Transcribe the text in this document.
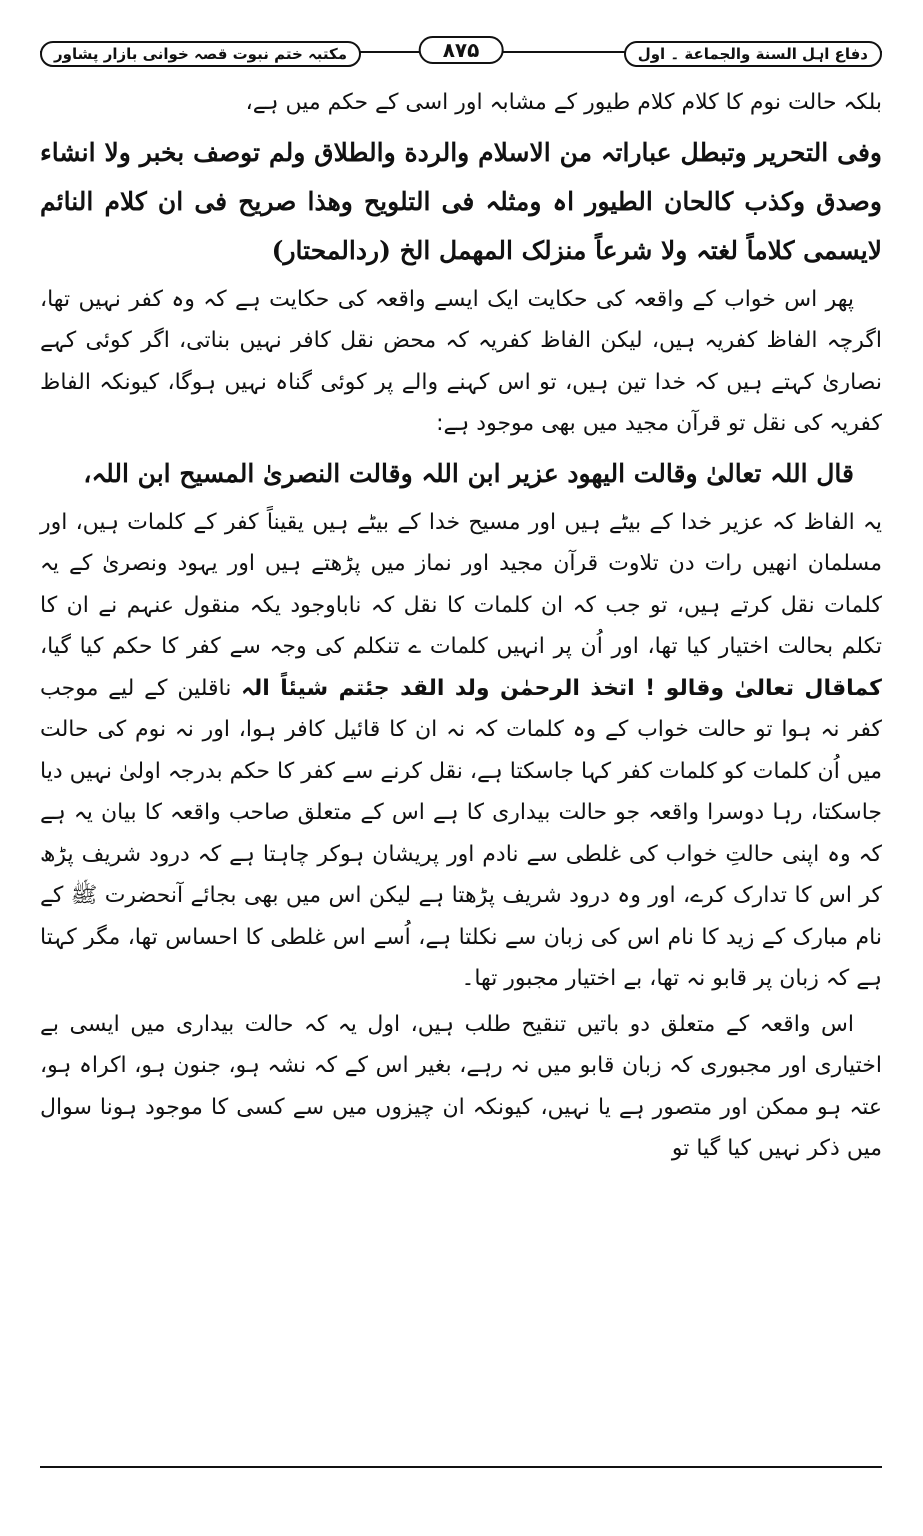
دفاع اہل السنة والجماعة ۔ اول
۸۷۵
مکتبہ ختم نبوت قصہ خوانی بازار پشاور

بلکہ حالت نوم کا کلام کلام طیور کے مشابہ اور اسی کے حکم میں ہے،

وفی التحریر وتبطل عباراتہ من الاسلام والردة والطلاق ولم توصف بخبر ولا انشاء وصدق وکذب کالحان الطیور اہ ومثلہ فی التلویح وھذا صریح فی ان کلام النائم لایسمی کلاماً لغتہ ولا شرعاً منزلک المھمل الخ (ردالمحتار)

پھر اس خواب کے واقعہ کی حکایت ایک ایسے واقعہ کی حکایت ہے کہ وہ کفر نہیں تھا، اگرچہ الفاظ کفریہ ہیں، لیکن الفاظ کفریہ کہ محض نقل کافر نہیں بناتی، اگر کوئی کہے نصاریٰ کہتے ہیں کہ خدا تین ہیں، تو اس کہنے والے پر کوئی گناہ نہیں ہوگا، کیونکہ الفاظ کفریہ کی نقل تو قرآن مجید میں بھی موجود ہے:

قال اللہ تعالیٰ وقالت الیھود عزیر ابن اللہ وقالت النصریٰ المسیح ابن اللہ،

یہ الفاظ کہ عزیر خدا کے بیٹے ہیں اور مسیح خدا کے بیٹے ہیں یقیناً کفر کے کلمات ہیں، اور مسلمان انھیں رات دن تلاوت قرآن مجید اور نماز میں پڑھتے ہیں اور یہود ونصریٰ کے یہ کلمات نقل کرتے ہیں، تو جب کہ ان کلمات کا نقل کہ ناباوجود یکہ منقول عنہم نے ان کا تکلم بحالت اختیار کیا تھا، اور اُن پر انہیں کلمات ے تنکلم کی وجہ سے کفر کا حکم کیا گیا، کماقال تعالیٰ وقالو ! اتخذ الرحمٰن ولد القد جئتم شیئاً الہ ناقلین کے لیے موجب کفر نہ ہوا تو حالت خواب کے وہ کلمات کہ نہ ان کا قائیل کافر ہوا، اور نہ نوم کی حالت میں اُن کلمات کو کلمات کفر کہا جاسکتا ہے، نقل کرنے سے کفر کا حکم بدرجہ اولیٰ نہیں دیا جاسکتا، رہا دوسرا واقعہ جو حالت بیداری کا ہے اس کے متعلق صاحب واقعہ کا بیان یہ ہے کہ وہ اپنی حالتِ خواب کی غلطی سے نادم اور پریشان ہوکر چاہتا ہے کہ درود شریف پڑھ کر اس کا تدارک کرے، اور وہ درود شریف پڑھتا ہے لیکن اس میں بھی بجائے آنحضرت ﷺ کے نام مبارک کے زید کا نام اس کی زبان سے نکلتا ہے، اُسے اس غلطی کا احساس تھا، مگر کہتا ہے کہ زبان پر قابو نہ تھا، بے اختیار مجبور تھا۔

اس واقعہ کے متعلق دو باتیں تنقیح طلب ہیں، اول یہ کہ حالت بیداری میں ایسی بے اختیاری اور مجبوری کہ زبان قابو میں نہ رہے، بغیر اس کے کہ نشہ ہو، جنون ہو، اکراہ ہو، عتہ ہو ممکن اور متصور ہے یا نہیں، کیونکہ ان چیزوں میں سے کسی کا موجود ہونا سوال میں ذکر نہیں کیا گیا تو
